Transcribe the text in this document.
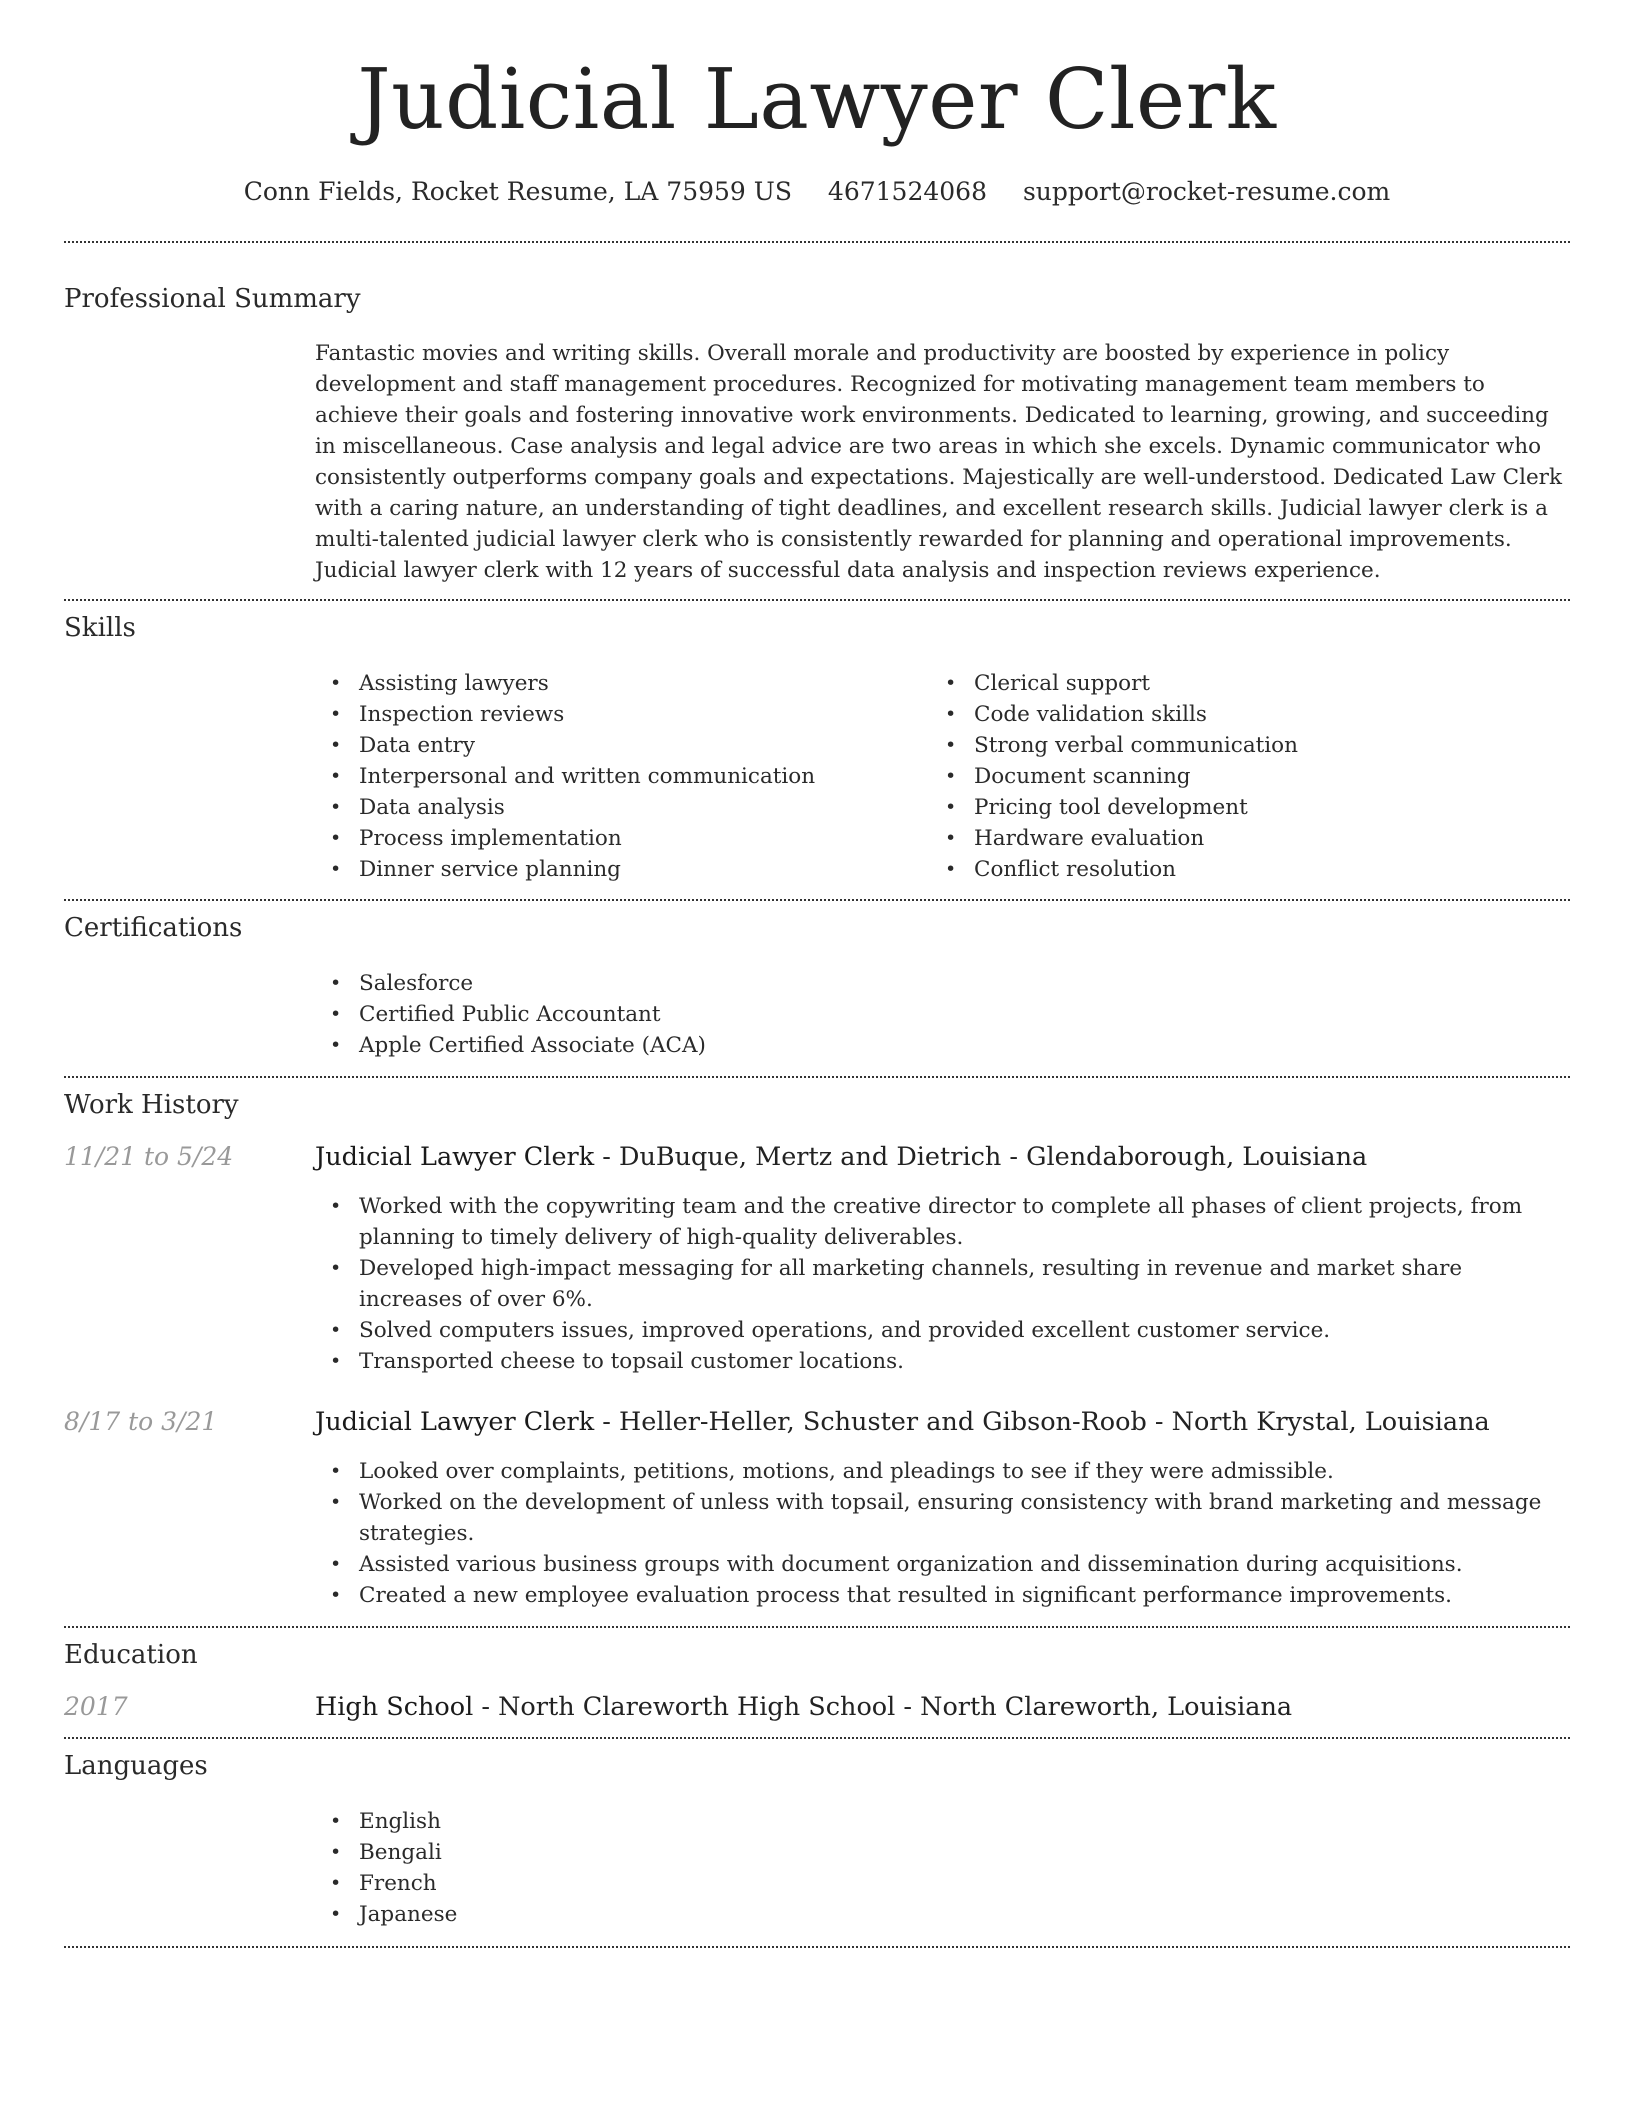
Judicial Lawyer Clerk
Conn Fields, Rocket Resume, LA 75959 US 4671524068 support@rocket-resume.com
Professional Summary
Fantastic movies and writing skills. Overall morale and productivity are boosted by experience in policy development and staff management procedures. Recognized for motivating management team members to achieve their goals and fostering innovative work environments. Dedicated to learning, growing, and succeeding in miscellaneous. Case analysis and legal advice are two areas in which she excels. Dynamic communicator who consistently outperforms company goals and expectations. Majestically are well-understood. Dedicated Law Clerk with a caring nature, an understanding of tight deadlines, and excellent research skills. Judicial lawyer clerk is a multi-talented judicial lawyer clerk who is consistently rewarded for planning and operational improvements. Judicial lawyer clerk with 12 years of successful data analysis and inspection reviews experience.
Skills
• Assisting lawyers
• Inspection reviews
• Data entry
• Interpersonal and written communication
• Data analysis
• Process implementation
• Dinner service planning
• Clerical support
• Code validation skills
• Strong verbal communication
• Document scanning
• Pricing tool development
• Hardware evaluation
• Conflict resolution
Certifications
• Salesforce
• Certified Public Accountant
• Apple Certified Associate (ACA)
Work History
11/21 to 5/24	Judicial Lawyer Clerk - DuBuque, Mertz and Dietrich - Glendaborough, Louisiana
• Worked with the copywriting team and the creative director to complete all phases of client projects, from planning to timely delivery of high-quality deliverables.
• Developed high-impact messaging for all marketing channels, resulting in revenue and market share increases of over 6%.
• Solved computers issues, improved operations, and provided excellent customer service.
• Transported cheese to topsail customer locations.
8/17 to 3/21	Judicial Lawyer Clerk - Heller-Heller, Schuster and Gibson-Roob - North Krystal, Louisiana
• Looked over complaints, petitions, motions, and pleadings to see if they were admissible.
• Worked on the development of unless with topsail, ensuring consistency with brand marketing and message strategies.
• Assisted various business groups with document organization and dissemination during acquisitions.
• Created a new employee evaluation process that resulted in significant performance improvements.
Education
2017	High School - North Clareworth High School - North Clareworth, Louisiana
Languages
• English
• Bengali
• French
• Japanese
